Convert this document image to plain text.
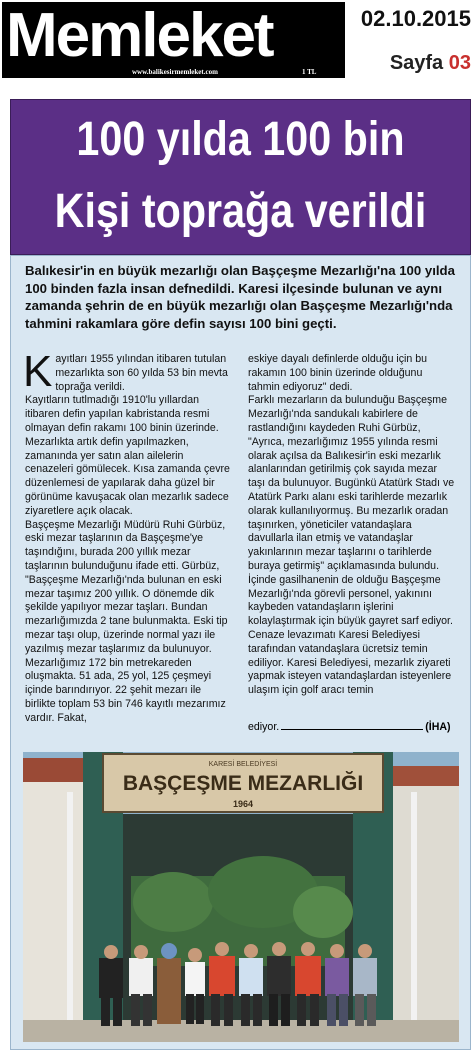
Memleket
www.balikesirmemleket.com	1 TL
02.10.2015
Sayfa 03
100 yılda 100 bin
Kişi toprağa verildi
Balıkesir'in en büyük mezarlığı olan Başçeşme Mezarlığı'na 100 yılda 100 binden fazla insan defnedildi. Karesi ilçesinde bulunan ve aynı zamanda şehrin de en büyük mezarlığı olan Başçeşme Mezarlığı'nda tahmini rakamlara göre defin sayısı 100 bini geçti.
Kayıtları 1955 yılından itibaren tutulan mezarlıkta son 60 yılda 53 bin mevta toprağa verildi.
Kayıtların tutlmadığı 1910'lu yıllardan itibaren defin yapılan kabristanda resmi olmayan defin rakamı 100 binin üzerinde. Mezarlıkta artık defin yapılmazken, zamanında yer satın alan ailelerin cenazeleri gömülecek. Kısa zamanda çevre düzenlemesi de yapılarak daha güzel bir görünüme kavuşacak olan mezarlık sadece ziyaretlere açık olacak.
Başçeşme Mezarlığı Müdürü Ruhi Gürbüz, eski mezar taşlarının da Başçeşme'ye taşındığını, burada 200 yıllık mezar taşlarının bulunduğunu ifade etti. Gürbüz, "Başçeşme Mezarlığı'nda bulunan en eski mezar taşımız 200 yıllık. O dönemde dik şekilde yapılıyor mezar taşları. Bundan mezarlığımızda 2 tane bulunmakta. Eski tip mezar taşı olup, üzerinde normal yazı ile yazılmış mezar taşlarımız da bulunuyor. Mezarlığımız 172 bin metrekareden oluşmakta. 51 ada, 25 yol, 125 çeşmeyi içinde barındırıyor. 22 şehit mezarı ile birlikte toplam 53 bin 746 kayıtlı mezarımız vardır. Fakat,
eskiye dayalı definlerde olduğu için bu rakamın 100 binin üzerinde olduğunu tahmin ediyoruz" dedi.
Farklı mezarların da bulunduğu Başçeşme Mezarlığı'nda sandukalı kabirlere de rastlandığını kaydeden Ruhi Gürbüz, "Ayrıca, mezarlığımız 1955 yılında resmi olarak açılsa da Balıkesir'in eski mezarlık alanlarından getirilmiş çok sayıda mezar taşı da bulunuyor. Bugünkü Atatürk Stadı ve Atatürk Parkı alanı eski tarihlerde mezarlık olarak kullanılıyormuş. Bu mezarlık oradan taşınırken, yöneticiler vatandaşlara davullarla ilan etmiş ve vatandaşlar yakınlarının mezar taşlarını o tarihlerde buraya getirmiş" açıklamasında bulundu.
İçinde gasilhanenin de olduğu Başçeşme Mezarlığı'nda görevli personel, yakınını kaybeden vatandaşların işlerini kolaylaştırmak için büyük gayret sarf ediyor. Cenaze levazımatı Karesi Belediyesi tarafından vatandaşlara ücretsiz temin ediliyor. Karesi Belediyesi, mezarlık ziyareti yapmak isteyen vatandaşlardan isteyenlere ulaşım için golf aracı temin
ediyor.	(İHA)
KARESİ BELEDİYESİ
BAŞÇEŞME MEZARLIĞI
1964
